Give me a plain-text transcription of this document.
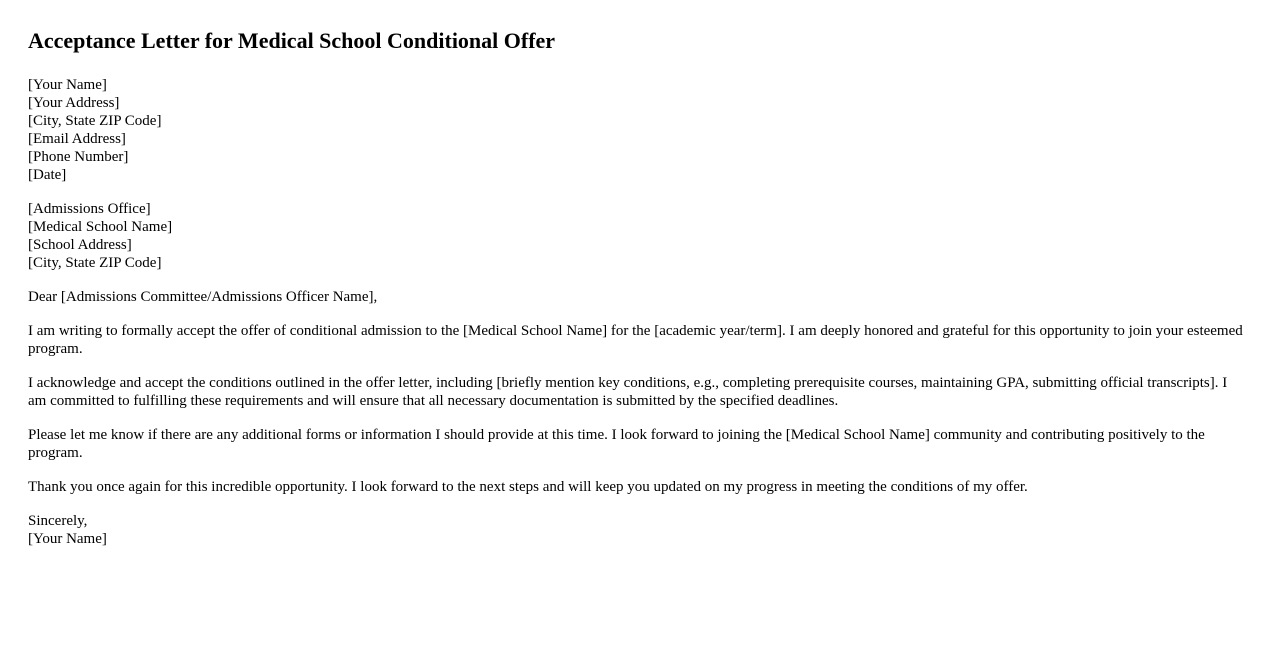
Acceptance Letter for Medical School Conditional Offer
[Your Name]
[Your Address]
[City, State ZIP Code]
[Email Address]
[Phone Number]
[Date]
[Admissions Office]
[Medical School Name]
[School Address]
[City, State ZIP Code]

Dear [Admissions Committee/Admissions Officer Name],

I am writing to formally accept the offer of conditional admission to the [Medical School Name] for the [academic year/term]. I am deeply honored and grateful for this opportunity to join your esteemed program.

I acknowledge and accept the conditions outlined in the offer letter, including [briefly mention key conditions, e.g., completing prerequisite courses, maintaining GPA, submitting official transcripts]. I am committed to fulfilling these requirements and will ensure that all necessary documentation is submitted by the specified deadlines.

Please let me know if there are any additional forms or information I should provide at this time. I look forward to joining the [Medical School Name] community and contributing positively to the program.

Thank you once again for this incredible opportunity. I look forward to the next steps and will keep you updated on my progress in meeting the conditions of my offer.

Sincerely,
[Your Name]
